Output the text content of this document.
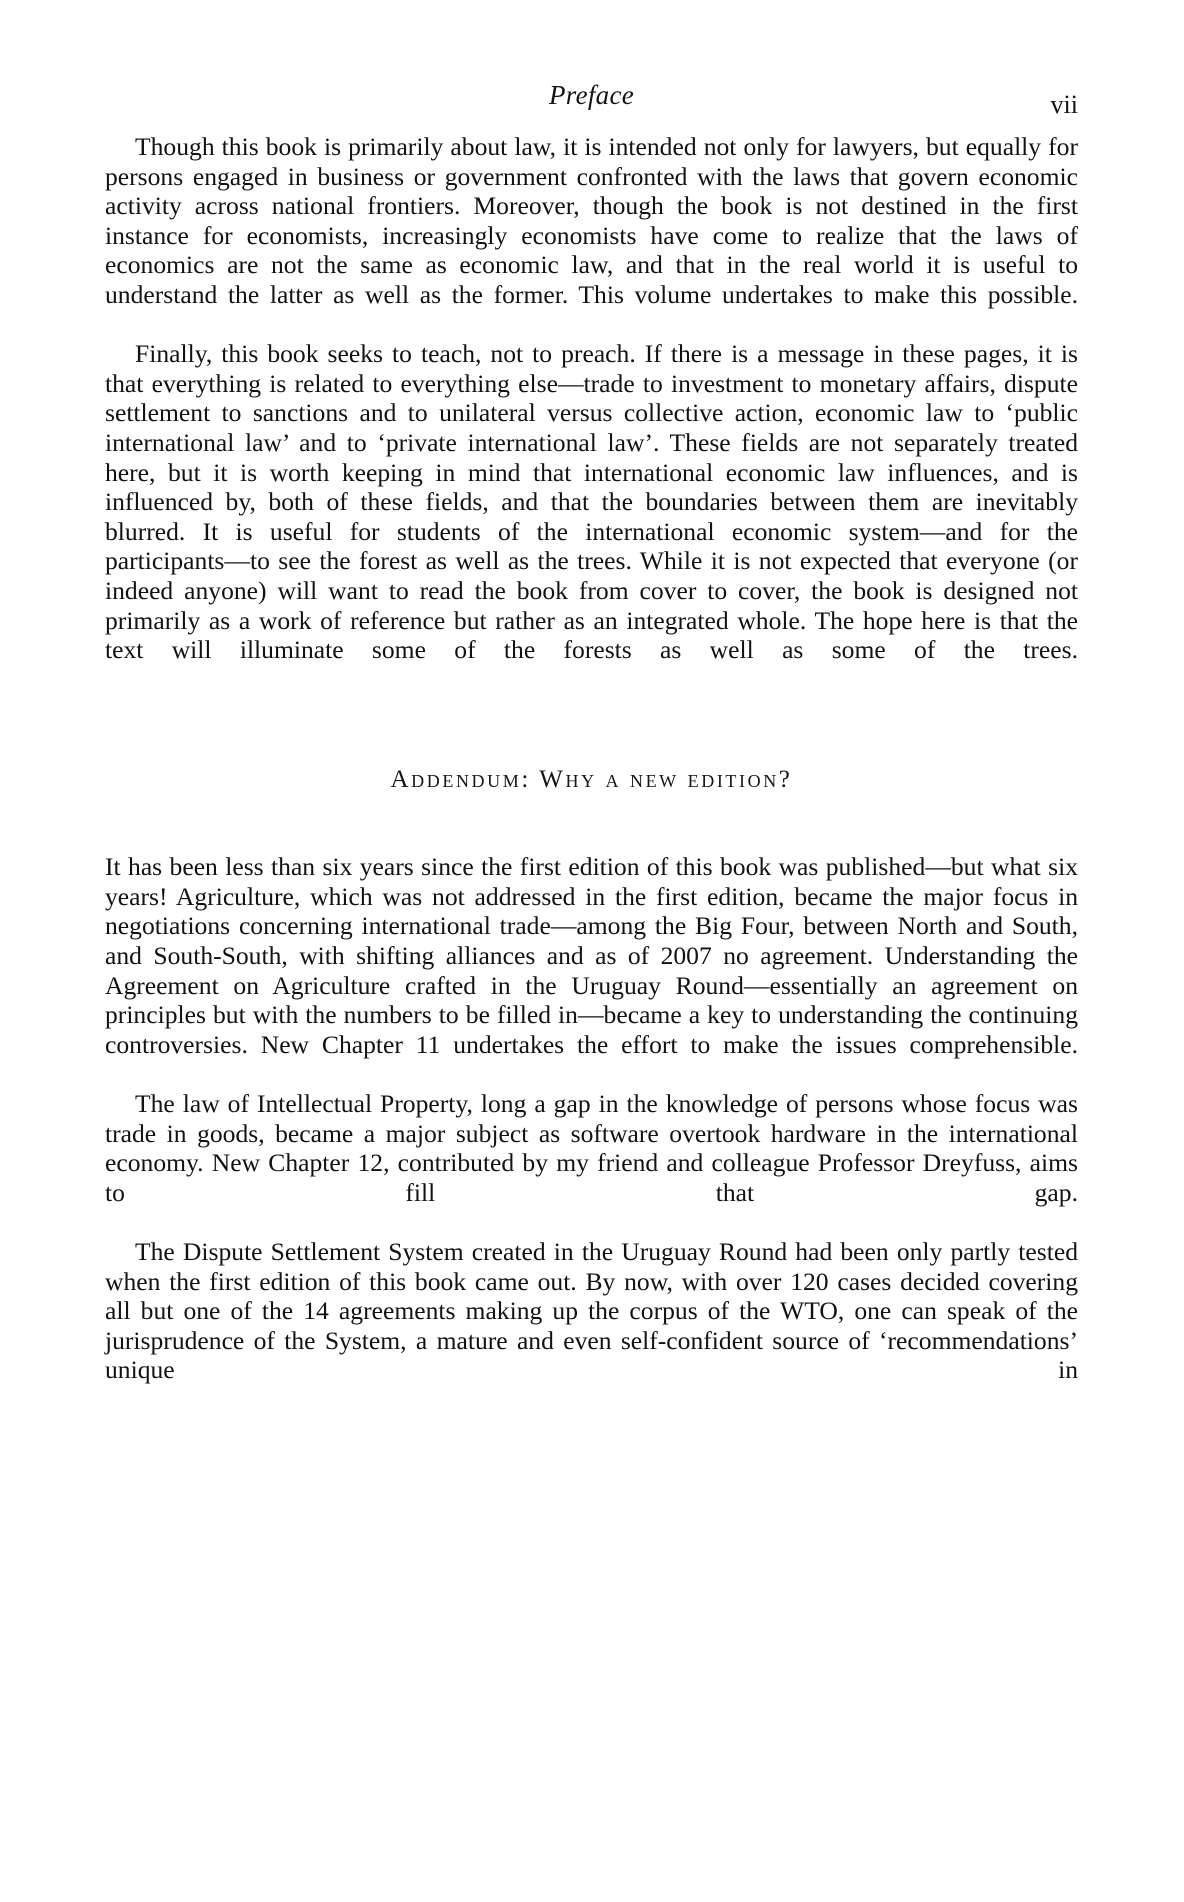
Preface	vii

Though this book is primarily about law, it is intended not only for lawyers, but equally for persons engaged in business or government confronted with the laws that govern economic activity across national frontiers. Moreover, though the book is not destined in the first instance for economists, increasingly economists have come to realize that the laws of economics are not the same as economic law, and that in the real world it is useful to understand the latter as well as the former. This volume undertakes to make this possible.

Finally, this book seeks to teach, not to preach. If there is a message in these pages, it is that everything is related to everything else—trade to investment to monetary affairs, dispute settlement to sanctions and to unilateral versus collective action, economic law to ‘public international law’ and to ‘private international law’. These fields are not separately treated here, but it is worth keeping in mind that international economic law influences, and is influenced by, both of these fields, and that the boundaries between them are inevitably blurred. It is useful for students of the international economic system—and for the participants—to see the forest as well as the trees. While it is not expected that everyone (or indeed anyone) will want to read the book from cover to cover, the book is designed not primarily as a work of reference but rather as an integrated whole. The hope here is that the text will illuminate some of the forests as well as some of the trees.

Addendum: Why a new edition?

It has been less than six years since the first edition of this book was published—but what six years! Agriculture, which was not addressed in the first edition, became the major focus in negotiations concerning international trade—among the Big Four, between North and South, and South-South, with shifting alliances and as of 2007 no agreement. Understanding the Agreement on Agriculture crafted in the Uruguay Round—essentially an agreement on principles but with the numbers to be filled in—became a key to understanding the continuing controversies. New Chapter 11 undertakes the effort to make the issues comprehensible.

The law of Intellectual Property, long a gap in the knowledge of persons whose focus was trade in goods, became a major subject as software overtook hardware in the international economy. New Chapter 12, contributed by my friend and colleague Professor Dreyfuss, aims to fill that gap.

The Dispute Settlement System created in the Uruguay Round had been only partly tested when the first edition of this book came out. By now, with over 120 cases decided covering all but one of the 14 agreements making up the corpus of the WTO, one can speak of the jurisprudence of the System, a mature and even self-confident source of ‘recommendations’ unique in
